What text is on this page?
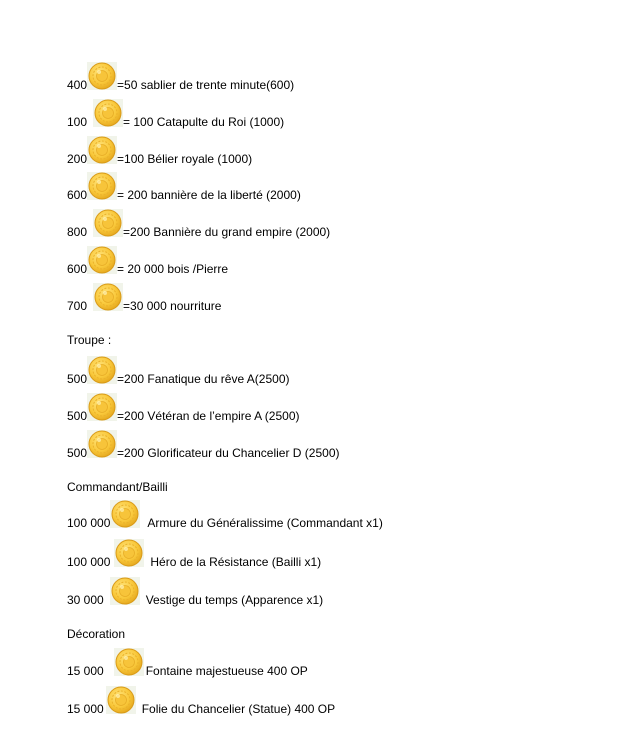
400	=50 sablier de trente minute(600)
100	= 100 Catapulte du Roi (1000)
200	=100 Bélier royale (1000)
600	= 200 bannière de la liberté (2000)
800	=200 Bannière du grand empire (2000)
600	= 20 000 bois /Pierre
700	=30 000 nourriture
Troupe :
500	=200 Fanatique du rêve A(2500)
500	=200 Vétéran de l’empire A (2500)
500	=200 Glorificateur du Chancelier D (2500)
Commandant/Bailli
100 000	Armure du Généralissime (Commandant x1)
100 000	Héro de la Résistance (Bailli x1)
30 000	Vestige du temps (Apparence x1)
Décoration
15 000	Fontaine majestueuse 400 OP
15 000	Folie du Chancelier (Statue) 400 OP
